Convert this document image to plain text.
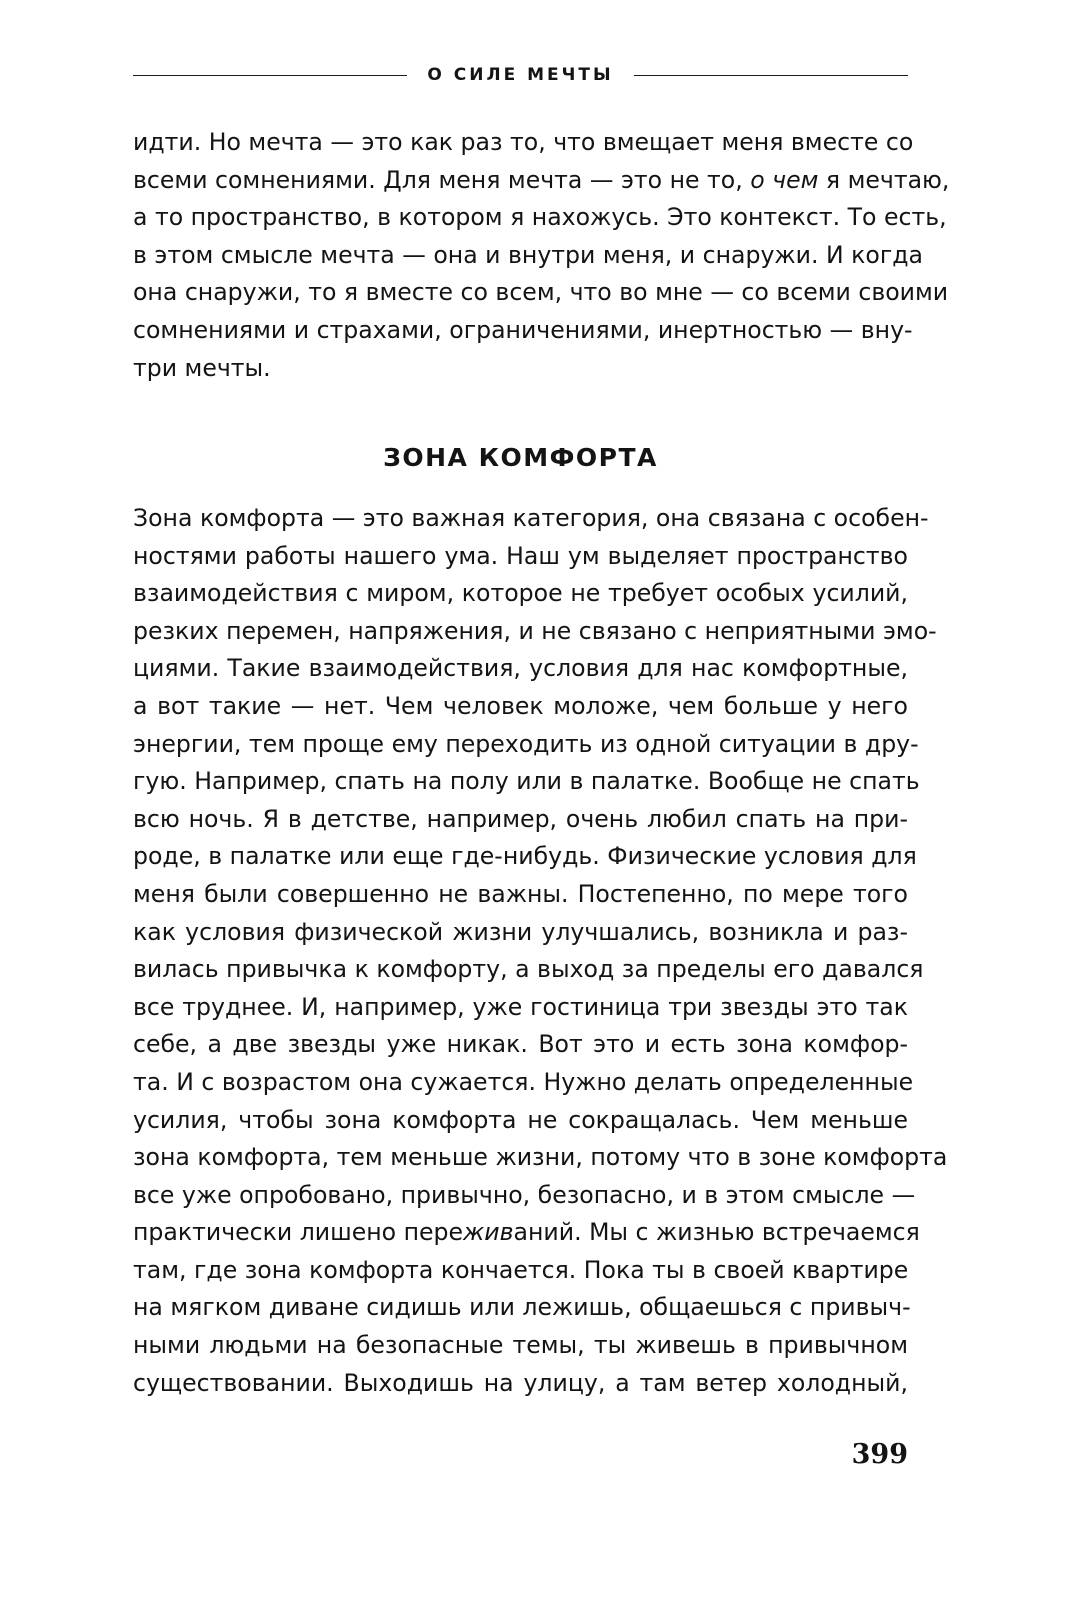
О СИЛЕ МЕЧТЫ
идти. Но мечта — это как раз то, что вмещает меня вместе со
всеми сомнениями. Для меня мечта — это не то, о чем я мечтаю,
а то пространство, в котором я нахожусь. Это контекст. То есть,
в этом смысле мечта — она и внутри меня, и снаружи. И когда
она снаружи, то я вместе со всем, что во мне — со всеми своими
сомнениями и страхами, ограничениями, инертностью — вну-
три мечты.
ЗОНА КОМФОРТА
Зона комфорта — это важная категория, она связана с особен-
ностями работы нашего ума. Наш ум выделяет пространство
взаимодействия с миром, которое не требует особых усилий,
резких перемен, напряжения, и не связано с неприятными эмо-
циями. Такие взаимодействия, условия для нас комфортные,
а вот такие — нет. Чем человек моложе, чем больше у него
энергии, тем проще ему переходить из одной ситуации в дру-
гую. Например, спать на полу или в палатке. Вообще не спать
всю ночь. Я в детстве, например, очень любил спать на при-
роде, в палатке или еще где-нибудь. Физические условия для
меня были совершенно не важны. Постепенно, по мере того
как условия физической жизни улучшались, возникла и раз-
вилась привычка к комфорту, а выход за пределы его давался
все труднее. И, например, уже гостиница три звезды это так
себе, а две звезды уже никак. Вот это и есть зона комфор-
та. И с возрастом она сужается. Нужно делать определенные
усилия, чтобы зона комфорта не сокращалась. Чем меньше
зона комфорта, тем меньше жизни, потому что в зоне комфорта
все уже опробовано, привычно, безопасно, и в этом смысле —
практически лишено переживаний. Мы с жизнью встречаемся
там, где зона комфорта кончается. Пока ты в своей квартире
на мягком диване сидишь или лежишь, общаешься с привыч-
ными людьми на безопасные темы, ты живешь в привычном
существовании. Выходишь на улицу, а там ветер холодный,
399
